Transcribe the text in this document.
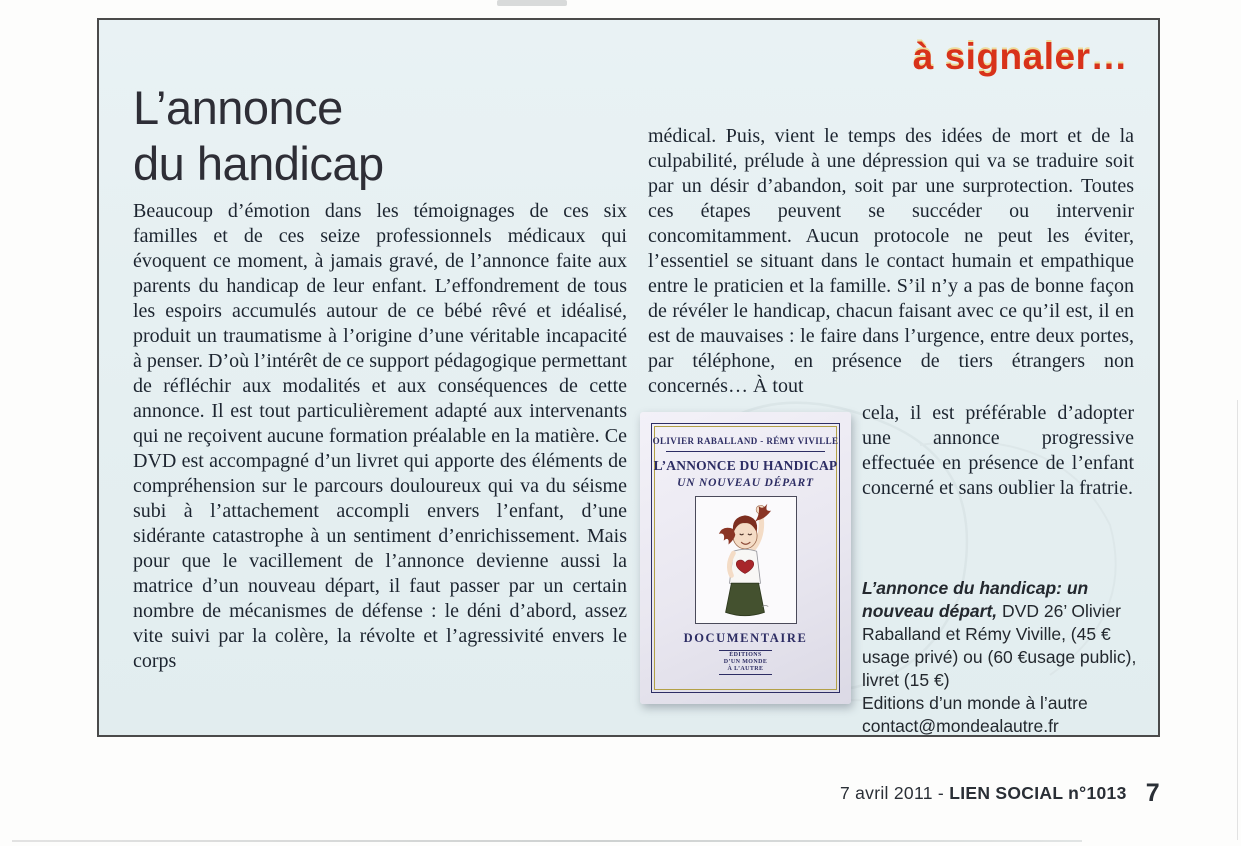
à signaler…
L’annonce
du handicap
Beaucoup d’émotion dans les témoignages de ces six familles et de ces seize professionnels médicaux qui évoquent ce moment, à jamais gravé, de l’annonce faite aux parents du handicap de leur enfant. L’effondrement de tous les espoirs accumulés autour de ce bébé rêvé et idéalisé, produit un traumatisme à l’origine d’une véritable incapacité à penser. D’où l’intérêt de ce support pédagogique permettant de réfléchir aux modalités et aux conséquences de cette annonce. Il est tout particulièrement adapté aux intervenants qui ne reçoivent aucune formation préalable en la matière. Ce DVD est accompagné d’un livret qui apporte des éléments de compréhension sur le parcours douloureux qui va du séisme subi à l’attachement accompli envers l’enfant, d’une sidérante catastrophe à un sentiment d’enrichissement. Mais pour que le vacillement de l’annonce devienne aussi la matrice d’un nouveau départ, il faut passer par un certain nombre de mécanismes de défense : le déni d’abord, assez vite suivi par la colère, la révolte et l’agressivité envers le corps
médical. Puis, vient le temps des idées de mort et de la culpabilité, prélude à une dépression qui va se traduire soit par un désir d’abandon, soit par une surprotection. Toutes ces étapes peuvent se succéder ou intervenir concomitamment. Aucun protocole ne peut les éviter, l’essentiel se situant dans le contact humain et empathique entre le praticien et la famille. S’il n’y a pas de bonne façon de révéler le handicap, chacun faisant avec ce qu’il est, il en est de mauvaises : le faire dans l’urgence, entre deux portes, par téléphone, en présence de tiers étrangers non concernés… À tout
OLIVIER RABALLAND - RÉMY VIVILLE
L’ANNONCE DU HANDICAP
UN NOUVEAU DÉPART
DOCUMENTAIRE
ÉDITIONS
D’UN MONDE
À L’AUTRE
cela, il est préférable d’adopter une annonce progressive effectuée en présence de l’enfant concerné et sans oublier la fratrie.

L’annonce du handicap: un nouveau départ, DVD 26’ Olivier Raballand et Rémy Viville, (45 € usage privé) ou (60 €usage public), livret (15 €)
Editions d’un monde à l’autre
contact@mondealautre.fr

7 avril 2011 - LIEN SOCIAL n°1013 7
